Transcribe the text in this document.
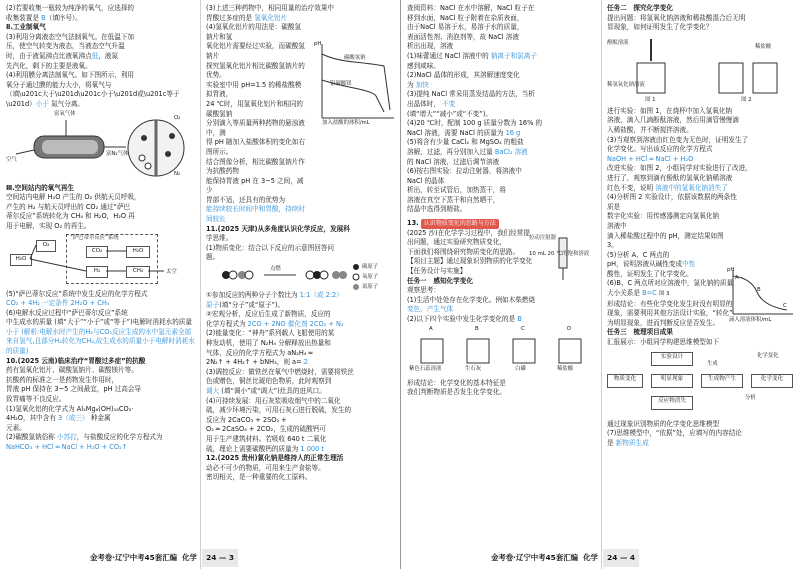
(2)若要收集一瓶较为纯净的氧气，应选择的

收集装置是 B（填序号）。

Ⅱ.工业制氧气

(3)利用分离液态空气法制氧气。在低温下加

压，使空气转变为液态，当液态空气升温

时，由于液氮沸点比液氧沸点低，液氮

先汽化，剩下的主要是液氧。

(4)利用膜分离法制氧气。如下图所示，利用

氧分子通过膜的能力大小，将氧气与

（填\u201c大于\u201d\u201c小于\u201d或\u201c等于\u201d）小于 氮气分离。

富氧气体
空气
富N₂气体
O₂
N₂

Ⅲ.空间站内的氧气再生

空间站内电解 H₂O 产生的 O₂ 供航天员呼吸，

产生的 H₂ 与航天员呼出的 CO₂ 通过“萨巴

蒂尔反应”系统转化为 CH₄ 和 H₂O，H₂O 再

用于电解，实现 O₂ 的再生。

“萨巴蒂尔反应”系统
H₂O
O₂
CO₂
H₂
H₂O
CH₄	太空

(5)“萨巴蒂尔反应”系统中发生反应的化学方程式

CO₂ + 4H₂ 一定条件 2H₂O + CH₄

(6)电解水反应过程中“萨巴蒂尔反应”系统

中生成水的质量 (填“大于”“小于”或“等于”)电解时消耗水的质量

小于 (解析:电解水时产生的H₂与CO₂反应生成的水中氢元素全部来自氢气,且部分H₂转化为CH₄,故生成水的质量小于电解时消耗水的质量)

10.(2025 云南)临床治疗“胃酸过多症”的抗酸

药有氢氧化铝片、碳酸氢钠片、碳酸镁片等。

抗酸药的标准之一是药物发生作用时，

胃液 pH 保持在 3~5 之间最宜，pH 过高会导

致胃痛等不良反应。

(1)氢氧化铝的化学式为 Al₂Mg₆(OH)₁₆CO₃·

4H₂O，其中含有 3（或三） 种金属

元素。

(2)碳酸氢钠俗称 小苏打，与盐酸反应的化学方程式为

NaHCO₃ + HCl ═ NaCl + H₂O + CO₂↑

(3)上述三种药物中，相同用量的治疗效果中

胃酸过多症的是 氢氧化铝片

(4)氢氧化铝片的用法是：碳酸氢钠片和氢

氧化铝片需要经过实验，而碳酸氢钠片

探究氢氧化铝片相比碳酸氢钠片的优势。

实验室中用 pH=1.5 的稀盐酸模拟胃液，

24 ℃时，用氢氧化铝片和相同的碳酸氢钠

分别滴入等质量两种药物的悬浊液中，测

得 pH 随加入盐酸体积的变化如右图所示。

结合图像分析，相比碳酸氢钠片作为抗酸药物

能保持胃液 pH 在 3~5 之间，减少

胃部不适，还具有的优势为

能持续较长时间中和胃酸，持续时间较长

碳酸氢钠
铝碳酸镁
pH
加入盐酸的体积/mL

11.(2025 天津)从多角度认识化学反应，发展科

学思维。

(1)物质变化：结合以下反应的示意图回答问

题。

点燃	碳原子
氧原子
氮原子

①参加反应的两种分子个数比为 1:1（或 2:2）

原子(填“分子”或“原子”)。

②宏观分析，反应后生成了新物质，反应的

化学方程式为 2CO + 2NO 催化剂 2CO₂ + N₂

(2)能量变化：“神舟”系列载人飞船使用的某

种发动机，使用了 N₂H₄ 分解释放出热量和

气体，反应的化学方程式为 aN₂H₄ ═

2N₂↑ + 4H₂↑ + bNH₃，则 a= 2

(3)调控反应：做铁丝在氧气中燃烧时，需要将铁丝

色或赠色，铜丝比琥珀色物质，此时观察到

调大 (填“调小”或“调大”)灶具的进风口。

(4)可持续发展：用石灰浆吸收烟气中的二氧化

硫，减少环境污染，可用石灰石进行脱硫，发生的

反应为 2CaCO₃ + 2SO₂ +

O₂ ═ 2CaSO₄ + 2CO₂，生成的硫酸钙可

用于生产建筑材料。若吸收 640 t 二氧化

硫，理论上需要碳酸钙的质量为 1 000 t

12.(2025 贵州)氯化钠是维持人的正常生理活

动必不可少的物质，可用来生产食盐等。

密切相关，是一种重要的化工原料。

金考卷·辽宁中考45套汇编 化学 24 — 3

查阅资料：NaCl 在水中溶解，NaCl 粒子在

移到水面，NaCl 粒子附着在杂质表面，

由于NaCl 易溶于水，易溶于水的质量，

表面活性剂、消泡剂等，故 NaCl 溶液

析出出现，溶液

(1)味蕾通过 NaCl 溶液中的 钠离子和氯离子

感到咸味。

(2)NaCl 晶体的形成，其溶解速度变化

为 加快

(3)提纯 NaCl 常采用蒸发结晶的方法，当析

出晶体时， 不变

(填“增大”“减小”或“不变”)。

(4)20 ℃时，配制 100 g 质量分数为 16% 的

NaCl 溶液，需要 NaCl 的质量为 16 g

(5)将含有少量 CaCl₂ 和 MgSO₄ 的粗盐

溶解，过滤，再分别加入过量 BaCl₂ 溶液

的 NaCl 溶液，过滤后调节溶液

(6)按右图实验：拉动注射器，将溶液中 NaCl 的晶体

析出，转至试管后，加热蒸干，将

溶液在真空下蒸干和自然晒干，

结晶中选得到精盐。

拉动注射器
10 mL 20 ℃的饱和溶液

13. 认识物质变化的思路与方法

(2025 沙)在化学学习过程中，我们经常提

出问题，通过实验研究物质变化，

下面我们将围绕研究物质变化的思路。

【项目主题】通过现象识别物质的化学变化

【任务设计与实施】

任务一　感知化学变化

观察思考：

(1)生活中处处存在化学变化。例如木柴燃烧

变色，产生气体

(2)以下四个实验中发生化学变化的是 B

A	B	C	D
紫色石蕊溶液	生石灰	白磷	稀盐酸

形成结论：化学变化的基本特征是

我们判断物质是否发生化学变化。

任务二　探究化学变化

提出问题：将氢氧化钠溶液和稀盐酸混合后无明

显现象，如何证明发生了化学变化？

酚酞溶液
稀氢氧化钠溶液
稀盐酸
图 1	图 2

进行实验：如图 1，在烧杯中加入氢氧化钠

溶液，滴入几滴酚酞溶液，然后用滴管慢慢滴

入稀盐酸，并不断搅拌溶液。

(3)当观察到溶液由红色变为无色时，证明发生了

化学变化。写出该反应的化学方程式

NaOH + HCl ═ NaCl + H₂O

改进实验：如图 2，小组同学对实验进行了改进，

进行了，观察到滴有酚酞的氢氧化钠稀溶液

红色不变，说明 溶液中的氢氧化钠消失了

(4)分析图 2 实验设计，依据该数据的两条性

质是

数字化实验：用传感器测定向氢氧化钠溶液中

滴入稀盐酸过程中的 pH，测定结果如图 3。

(5)分析 A、C 两点的

pH，说明溶液从碱性变成中性

酸性，证明发生了化学变化。	pH
A
B
C
滴入溶液体积/mL

(6)B、C 两点所对应溶液中，氯化钠的质量

大小关系是 B=C 图 3

形成结论：有些化学变化发生时没有明显的

现象，需要利用其他方法设计实验，“转化”

为明显现象，进而判断反应是否发生。

任务三　梳理项目成果

汇报展示：小组同学构建思维模型如下

物质变化
实验设计
明显现象
反应物消失
生成物产生	化学变化
生成
分析
化学变化

通过现象识别物质的化学变化思维模型

(7)思维模型中，“依据”处，应填写的内容结论

是 新物质生成

金考卷·辽宁中考45套汇编 化学 24 — 4
